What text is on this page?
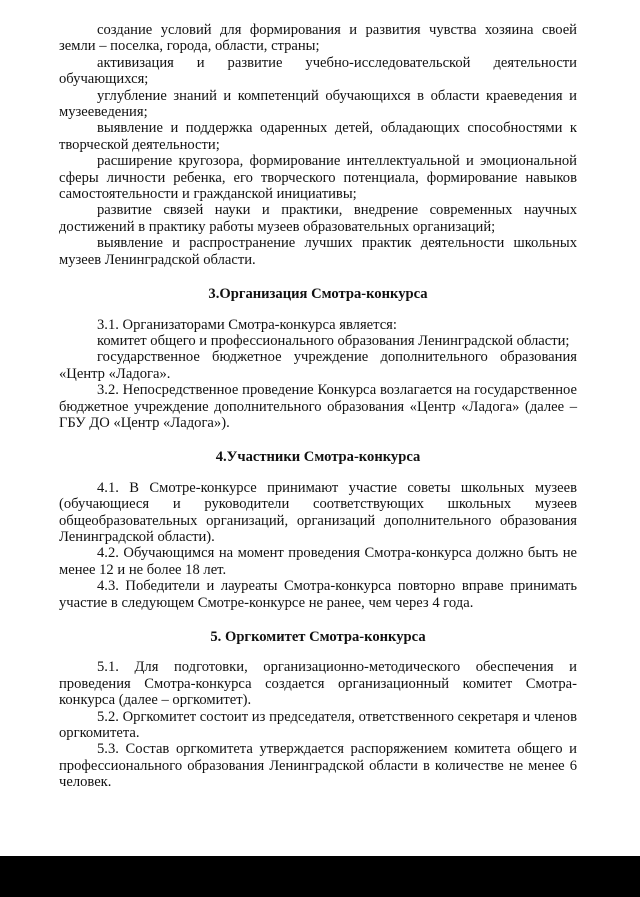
создание условий для формирования и развития чувства хозяина своей земли – поселка, города, области, страны;

активизация и развитие учебно-исследовательской деятельности обучающихся;

углубление знаний и компетенций обучающихся в области краеведения и музееведения;

выявление и поддержка одаренных детей, обладающих способностями к творческой деятельности;

расширение кругозора, формирование интеллектуальной и эмоциональной сферы личности ребенка, его творческого потенциала, формирование навыков самостоятельности и гражданской инициативы;

развитие связей науки и практики, внедрение современных научных достижений в практику работы музеев образовательных организаций;

выявление и распространение лучших практик деятельности школьных музеев Ленинградской области.

3.Организация Смотра-конкурса

3.1. Организаторами Смотра-конкурса является:

комитет общего и профессионального образования Ленинградской области;

государственное бюджетное учреждение дополнительного образования «Центр «Ладога».

3.2. Непосредственное проведение Конкурса возлагается на государственное бюджетное учреждение дополнительного образования «Центр «Ладога» (далее – ГБУ ДО «Центр «Ладога»).

4.Участники Смотра-конкурса

4.1. В Смотре-конкурсе принимают участие советы школьных музеев (обучающиеся и руководители соответствующих школьных музеев общеобразовательных организаций, организаций дополнительного образования Ленинградской области).

4.2. Обучающимся на момент проведения Смотра-конкурса должно быть не менее 12 и не более 18 лет.

4.3. Победители и лауреаты Смотра-конкурса повторно вправе принимать участие в следующем Смотре-конкурсе не ранее, чем через 4 года.

5. Оргкомитет Смотра-конкурса

5.1. Для подготовки, организационно-методического обеспечения и проведения Смотра-конкурса создается организационный комитет Смотра-конкурса (далее – оргкомитет).

5.2. Оргкомитет состоит из председателя, ответственного секретаря и членов оргкомитета.

5.3. Состав оргкомитета утверждается распоряжением комитета общего и профессионального образования Ленинградской области в количестве не менее 6 человек.
